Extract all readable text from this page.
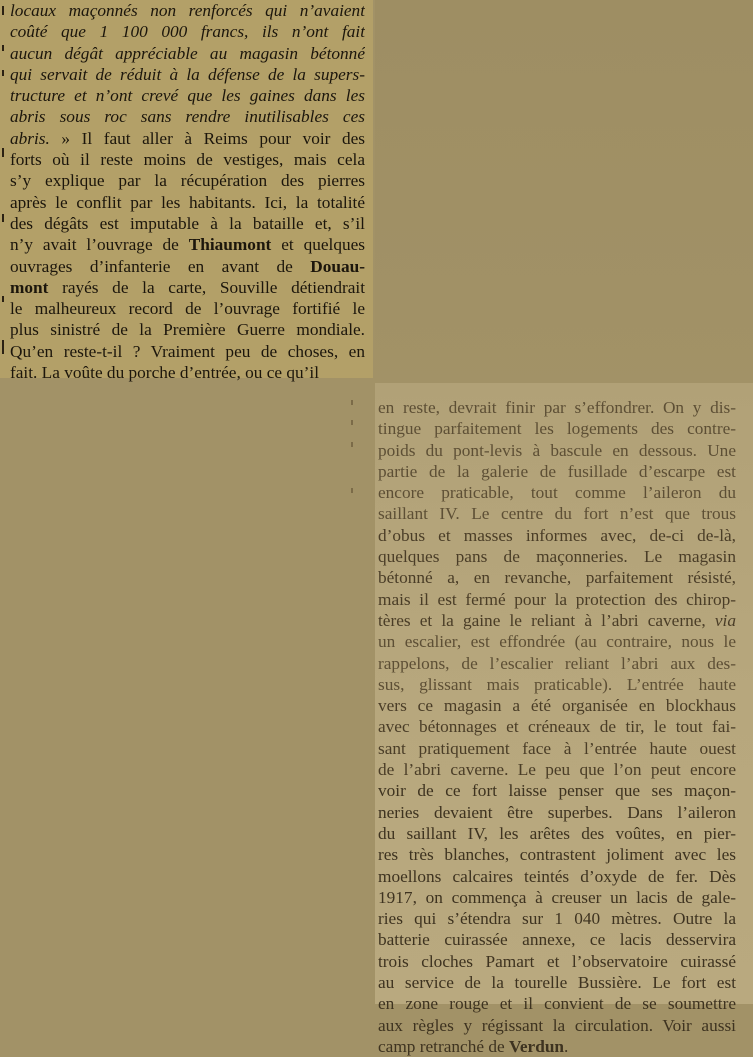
locaux maçonnés non renforcés qui n’avaient
coûté que 1 100 000 francs, ils n’ont fait
aucun dégât appréciable au magasin bétonné
qui servait de réduit à la défense de la supers-
tructure et n’ont crevé que les gaines dans les
abris sous roc sans rendre inutilisables ces
abris. » Il faut aller à Reims pour voir des
forts où il reste moins de vestiges, mais cela
s’y explique par la récupération des pierres
après le conflit par les habitants. Ici, la totalité
des dégâts est imputable à la bataille et, s’il
n’y avait l’ouvrage de Thiaumont et quelques
ouvrages d’infanterie en avant de Douau-
mont rayés de la carte, Souville détiendrait
le malheureux record de l’ouvrage fortifié le
plus sinistré de la Première Guerre mondiale.
Qu’en reste-t-il ? Vraiment peu de choses, en
fait. La voûte du porche d’entrée, ou ce qu’il
en reste, devrait finir par s’effondrer. On y dis-
tingue parfaitement les logements des contre-
poids du pont-levis à bascule en dessous. Une
partie de la galerie de fusillade d’escarpe est
encore praticable, tout comme l’aileron du
saillant IV. Le centre du fort n’est que trous
d’obus et masses informes avec, de-ci de-là,
quelques pans de maçonneries. Le magasin
bétonné a, en revanche, parfaitement résisté,
mais il est fermé pour la protection des chirop-
tères et la gaine le reliant à l’abri caverne, via
un escalier, est effondrée (au contraire, nous le
rappelons, de l’escalier reliant l’abri aux des-
sus, glissant mais praticable). L’entrée haute
vers ce magasin a été organisée en blockhaus
avec bétonnages et créneaux de tir, le tout fai-
sant pratiquement face à l’entrée haute ouest
de l’abri caverne. Le peu que l’on peut encore
voir de ce fort laisse penser que ses maçon-
neries devaient être superbes. Dans l’aileron
du saillant IV, les arêtes des voûtes, en pier-
res très blanches, contrastent joliment avec les
moellons calcaires teintés d’oxyde de fer. Dès
1917, on commença à creuser un lacis de gale-
ries qui s’étendra sur 1 040 mètres. Outre la
batterie cuirassée annexe, ce lacis desservira
trois cloches Pamart et l’observatoire cuirassé
au service de la tourelle Bussière. Le fort est
en zone rouge et il convient de se soumettre
aux règles y régissant la circulation. Voir aussi
camp retranché de Verdun.
